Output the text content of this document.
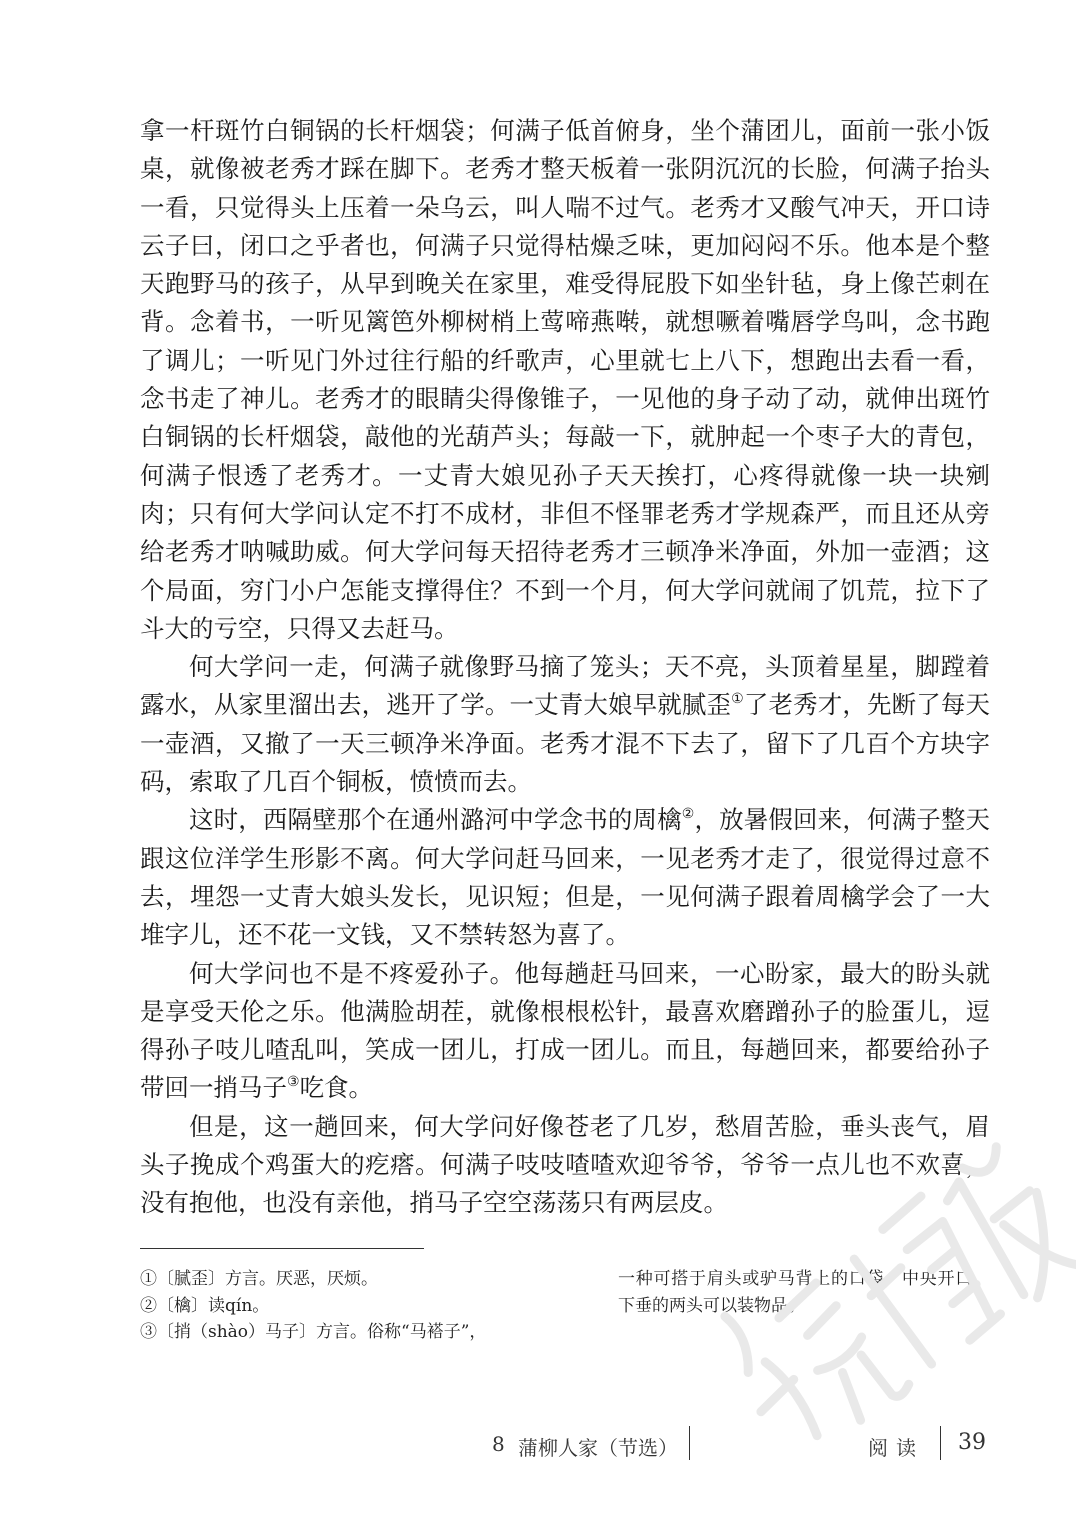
拿一杆斑竹白铜锅的长杆烟袋；何满子低首俯身，坐个蒲团儿，面前一张小饭桌，就像被老秀才踩在脚下。老秀才整天板着一张阴沉沉的长脸，何满子抬头一看，只觉得头上压着一朵乌云，叫人喘不过气。老秀才又酸气冲天，开口诗云子曰，闭口之乎者也，何满子只觉得枯燥乏味，更加闷闷不乐。他本是个整天跑野马的孩子，从早到晚关在家里，难受得屁股下如坐针毡，身上像芒刺在背。念着书，一听见篱笆外柳树梢上莺啼燕啭，就想噘着嘴唇学鸟叫，念书跑了调儿；一听见门外过往行船的纤歌声，心里就七上八下，想跑出去看一看，念书走了神儿。老秀才的眼睛尖得像锥子，一见他的身子动了动，就伸出斑竹白铜锅的长杆烟袋，敲他的光葫芦头；每敲一下，就肿起一个枣子大的青包，何满子恨透了老秀才。一丈青大娘见孙子天天挨打，心疼得就像一块一块剜肉；只有何大学问认定不打不成材，非但不怪罪老秀才学规森严，而且还从旁给老秀才呐喊助威。何大学问每天招待老秀才三顿净米净面，外加一壶酒；这个局面，穷门小户怎能支撑得住？不到一个月，何大学问就闹了饥荒，拉下了斗大的亏空，只得又去赶马。

何大学问一走，何满子就像野马摘了笼头；天不亮，头顶着星星，脚蹚着露水，从家里溜出去，逃开了学。一丈青大娘早就腻歪①了老秀才，先断了每天一壶酒，又撤了一天三顿净米净面。老秀才混不下去了，留下了几百个方块字码，索取了几百个铜板，愤愤而去。

这时，西隔壁那个在通州潞河中学念书的周檎②，放暑假回来，何满子整天跟这位洋学生形影不离。何大学问赶马回来，一见老秀才走了，很觉得过意不去，埋怨一丈青大娘头发长，见识短；但是，一见何满子跟着周檎学会了一大堆字儿，还不花一文钱，又不禁转怒为喜了。

何大学问也不是不疼爱孙子。他每趟赶马回来，一心盼家，最大的盼头就是享受天伦之乐。他满脸胡茬，就像根根松针，最喜欢磨蹭孙子的脸蛋儿，逗得孙子吱儿喳乱叫，笑成一团儿，打成一团儿。而且，每趟回来，都要给孙子带回一捎马子③吃食。

但是，这一趟回来，何大学问好像苍老了几岁，愁眉苦脸，垂头丧气，眉头子挽成个鸡蛋大的疙瘩。何满子吱吱喳喳欢迎爷爷，爷爷一点儿也不欢喜，没有抱他，也没有亲他，捎马子空空荡荡只有两层皮。

①〔腻歪〕方言。厌恶，厌烦。

②〔檎〕读qín。

③〔捎（shào）马子〕方言。俗称“马褡子”，

一种可搭于肩头或驴马背上的口袋，中央开口，下垂的两头可以装物品。

8 蒲柳人家（节选）	阅读 39
